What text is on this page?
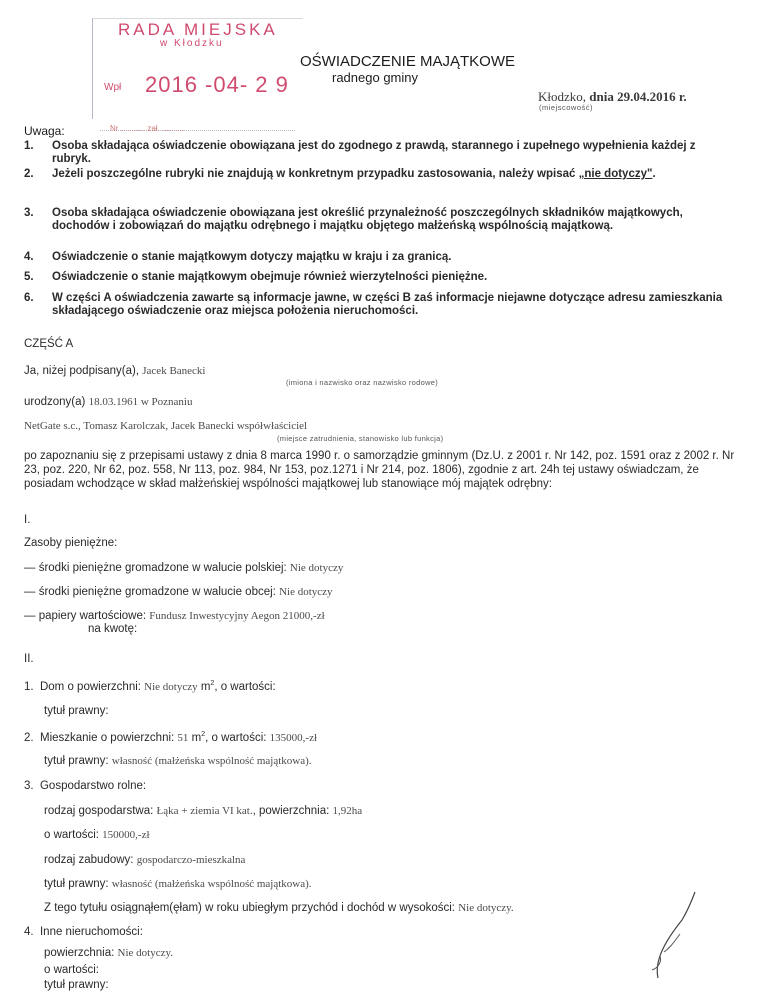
RADA MIEJSKA
w Kłodzku
Wpł 2016 -04- 2 9
OŚWIADCZENIE MAJĄTKOWE
radnego gminy
Kłodzko, dnia 29.04.2016 r.
(miejscowość)
Uwaga:	Nr ........... zał. ..........
1.	Osoba składająca oświadczenie obowiązana jest do zgodnego z prawdą, starannego i zupełnego wypełnienia każdej z rubryk.
2.	Jeżeli poszczególne rubryki nie znajdują w konkretnym przypadku zastosowania, należy wpisać „nie dotyczy".
3.	Osoba składająca oświadczenie obowiązana jest określić przynależność poszczególnych składników majątkowych, dochodów i zobowiązań do majątku odrębnego i majątku objętego małżeńską wspólnością majątkową.
4.	Oświadczenie o stanie majątkowym dotyczy majątku w kraju i za granicą.
5.	Oświadczenie o stanie majątkowym obejmuje również wierzytelności pieniężne.
6.	W części A oświadczenia zawarte są informacje jawne, w części B zaś informacje niejawne dotyczące adresu zamieszkania składającego oświadczenie oraz miejsca położenia nieruchomości.
CZĘŚĆ A
Ja, niżej podpisany(a), Jacek Banecki
(imiona i nazwisko oraz nazwisko rodowe)
urodzony(a) 18.03.1961 w Poznaniu
NetGate s.c., Tomasz Karolczak, Jacek Banecki współwłaściciel
(miejsce zatrudnienia, stanowisko lub funkcja)
po zapoznaniu się z przepisami ustawy z dnia 8 marca 1990 r. o samorządzie gminnym (Dz.U. z 2001 r. Nr 142, poz. 1591 oraz z 2002 r. Nr 23, poz. 220, Nr 62, poz. 558, Nr 113, poz. 984, Nr 153, poz.1271 i Nr 214, poz. 1806), zgodnie z art. 24h tej ustawy oświadczam, że posiadam wchodzące w skład małżeńskiej wspólności majątkowej lub stanowiące mój majątek odrębny:
I.
Zasoby pieniężne:
— środki pieniężne gromadzone w walucie polskiej: Nie dotyczy
— środki pieniężne gromadzone w walucie obcej: Nie dotyczy
— papiery wartościowe: Fundusz Inwestycyjny Aegon 21000,-zł
na kwotę:
II.
1. Dom o powierzchni: Nie dotyczy $m^2$, o wartości:
tytuł prawny:
2. Mieszkanie o powierzchni: 51 $m^2$, o wartości: 135000,-zł
tytuł prawny: własność (małżeńska wspólność majątkowa).
3. Gospodarstwo rolne:
rodzaj gospodarstwa: Łąka + ziemia VI kat., powierzchnia: 1,92ha
o wartości: 150000,-zł
rodzaj zabudowy: gospodarczo-mieszkalna
tytuł prawny: własność (małżeńska wspólność majątkowa).
Z tego tytułu osiągnąłem(ęłam) w roku ubiegłym przychód i dochód w wysokości: Nie dotyczy.
4. Inne nieruchomości:
powierzchnia: Nie dotyczy.
o wartości:
tytuł prawny:
